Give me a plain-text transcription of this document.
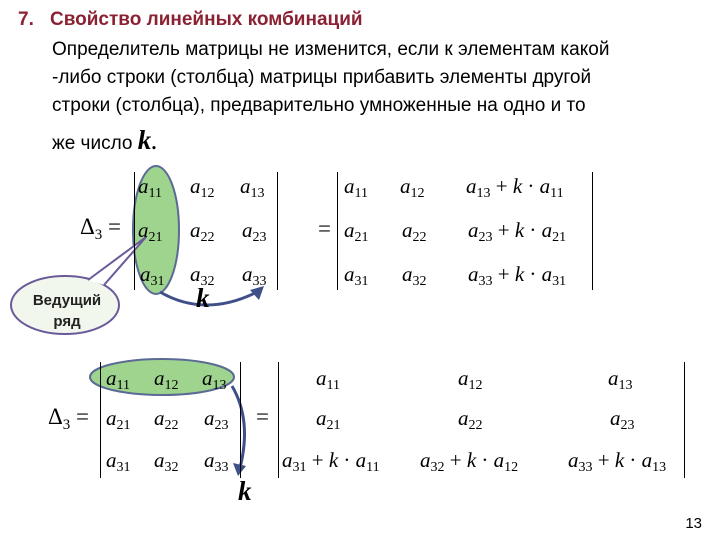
7. Свойство линейных комбинаций
Определитель матрицы не изменится, если к элементам какой
-либо строки (столбца) матрицы прибавить элементы другой
строки (столбца), предварительно умноженные на одно и то
же число k.
Ведущий
ряд
$\Delta_3$ =
$a_{11}$ $a_{12}$ $a_{13}$
$a_{21}$ $a_{22}$ $a_{23}$
$a_{31}$ $a_{32}$ $a_{33}$
k
=
$a_{11}$ $a_{12}$ $a_{13} + k \cdot a_{11}$
$a_{21}$ $a_{22}$ $a_{23} + k \cdot a_{21}$
$a_{31}$ $a_{32}$ $a_{33} + k \cdot a_{31}$
$\Delta_3$ =
$a_{11}$ $a_{12}$ $a_{13}$
$a_{21}$ $a_{22}$ $a_{23}$
$a_{31}$ $a_{32}$ $a_{33}$
=
$a_{11}$	$a_{12}$	$a_{13}$
$a_{21}$	$a_{22}$	$a_{23}$
$a_{31} + k \cdot a_{11}$ $a_{32} + k \cdot a_{12}$ $a_{33} + k \cdot a_{13}$
k
13
